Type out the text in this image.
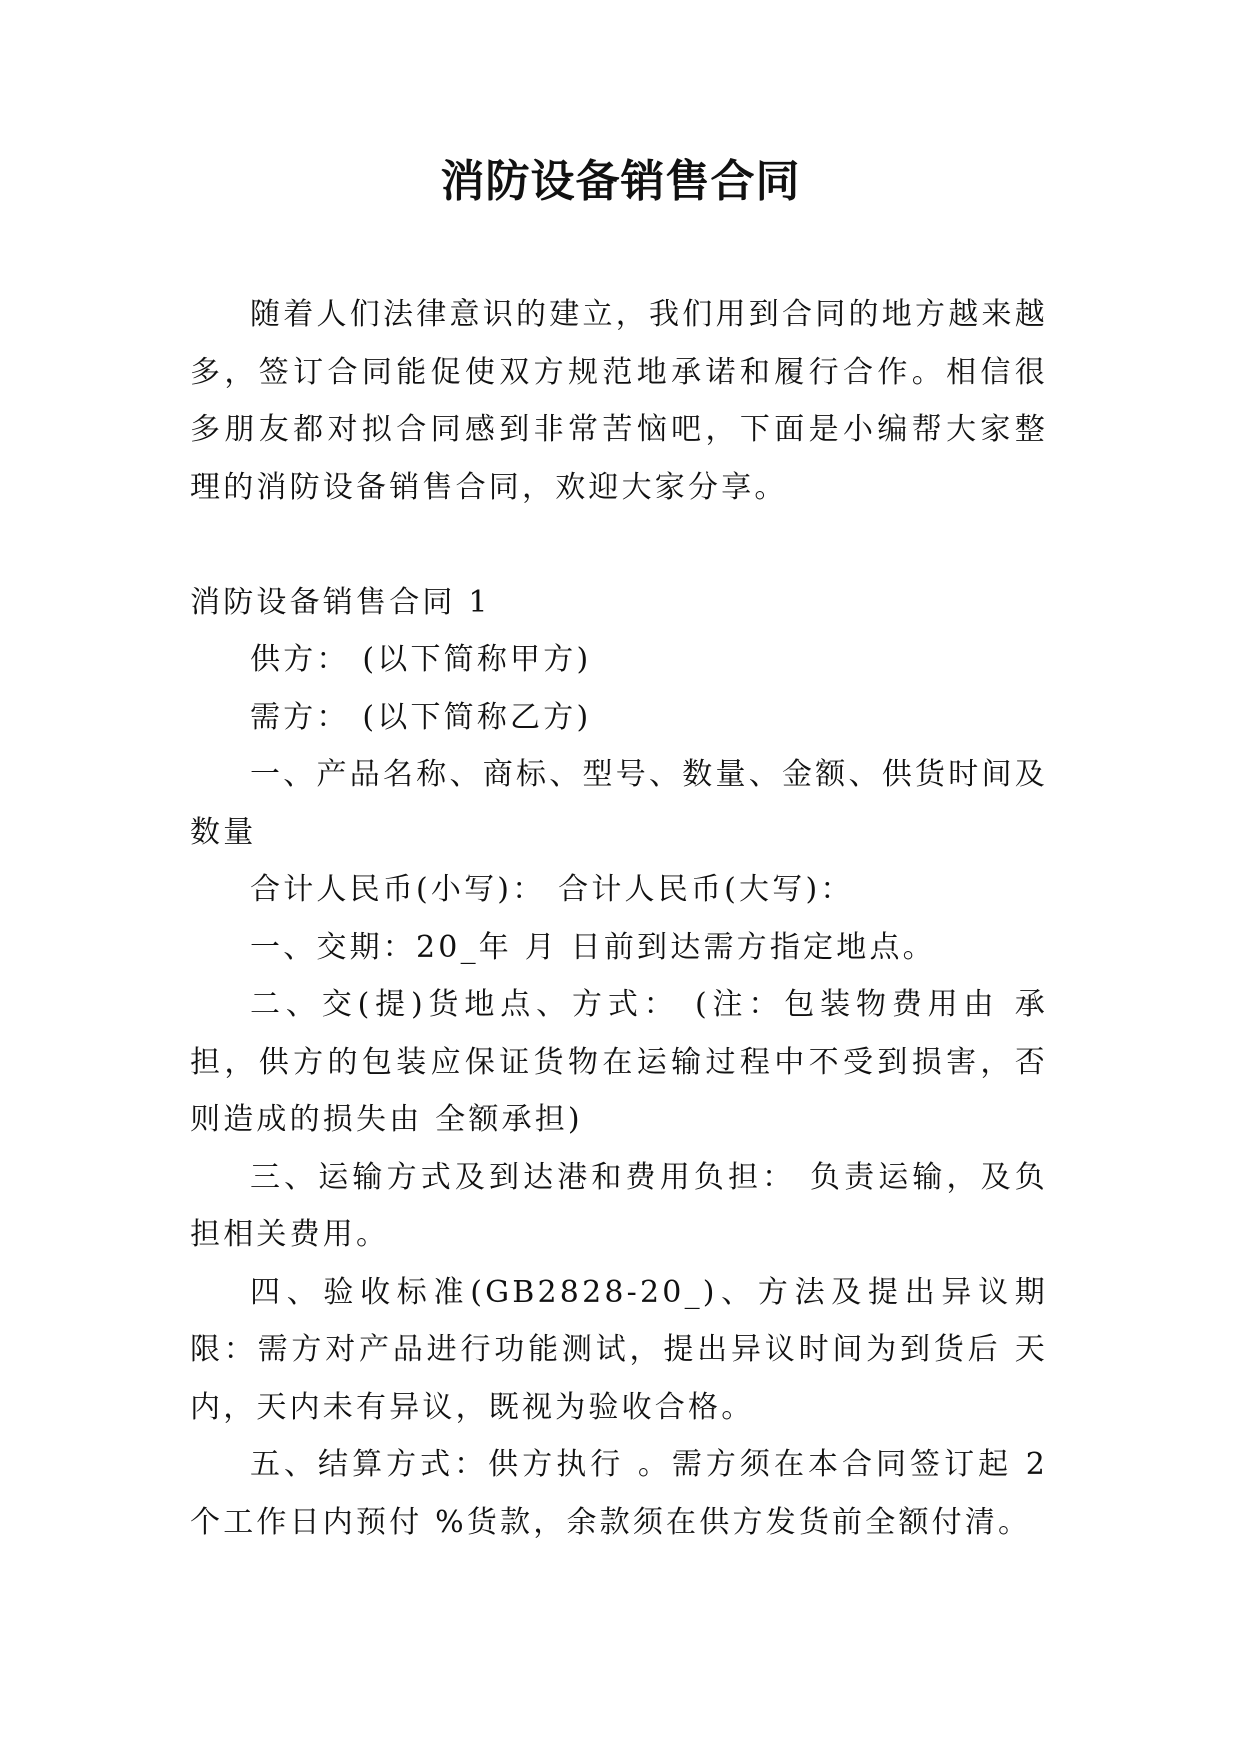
消防设备销售合同

随着人们法律意识的建立，我们用到合同的地方越来越多，签订合同能促使双方规范地承诺和履行合作。相信很多朋友都对拟合同感到非常苦恼吧，下面是小编帮大家整理的消防设备销售合同，欢迎大家分享。

消防设备销售合同 1

供方： (以下简称甲方)

需方： (以下简称乙方)

一、产品名称、商标、型号、数量、金额、供货时间及数量

合计人民币(小写)： 合计人民币(大写)：

一、交期：20_年 月 日前到达需方指定地点。

二、交(提)货地点、方式： (注：包装物费用由 承担，供方的包装应保证货物在运输过程中不受到损害，否则造成的损失由 全额承担)

三、运输方式及到达港和费用负担： 负责运输，及负担相关费用。

四、验收标准(GB2828-20_)、方法及提出异议期限：需方对产品进行功能测试，提出异议时间为到货后 天内，天内未有异议，既视为验收合格。

五、结算方式：供方执行 。需方须在本合同签订起 2 个工作日内预付 %货款，余款须在供方发货前全额付清。
